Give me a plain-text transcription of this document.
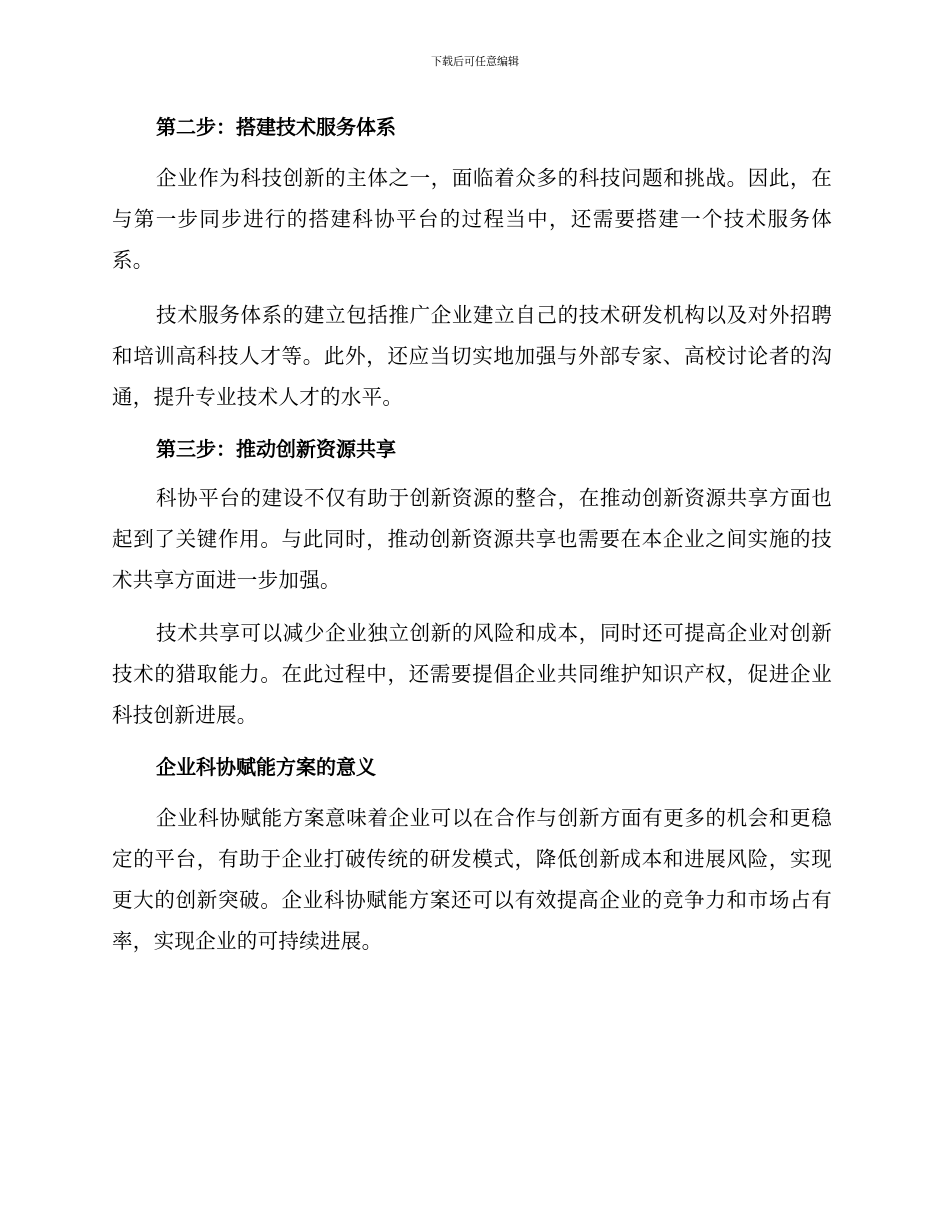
下载后可任意编辑
第二步：搭建技术服务体系

企业作为科技创新的主体之一，面临着众多的科技问题和挑战。因此，在与第一步同步进行的搭建科协平台的过程当中，还需要搭建一个技术服务体系。

技术服务体系的建立包括推广企业建立自己的技术研发机构以及对外招聘和培训高科技人才等。此外，还应当切实地加强与外部专家、高校讨论者的沟通，提升专业技术人才的水平。

第三步：推动创新资源共享

科协平台的建设不仅有助于创新资源的整合，在推动创新资源共享方面也起到了关键作用。与此同时，推动创新资源共享也需要在本企业之间实施的技术共享方面进一步加强。

技术共享可以减少企业独立创新的风险和成本，同时还可提高企业对创新技术的猎取能力。在此过程中，还需要提倡企业共同维护知识产权，促进企业科技创新进展。

企业科协赋能方案的意义

企业科协赋能方案意味着企业可以在合作与创新方面有更多的机会和更稳定的平台，有助于企业打破传统的研发模式，降低创新成本和进展风险，实现更大的创新突破。企业科协赋能方案还可以有效提高企业的竞争力和市场占有率，实现企业的可持续进展。
